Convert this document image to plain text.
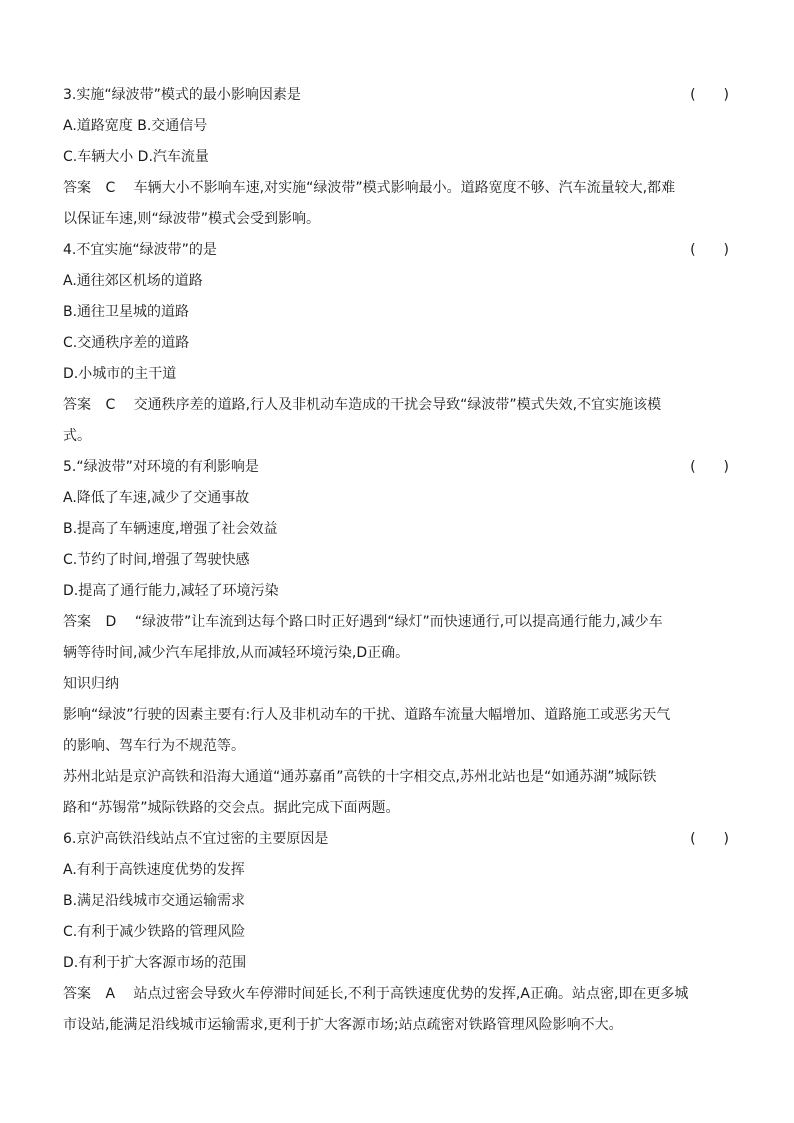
3.实施“绿波带”模式的最小影响因素是	(　　)
A.道路宽度 B.交通信号
C.车辆大小 D.汽车流量
答案 C 车辆大小不影响车速,对实施“绿波带”模式影响最小。道路宽度不够、汽车流量较大,都难
以保证车速,则“绿波带”模式会受到影响。
4.不宜实施“绿波带”的是	(　　)
A.通往郊区机场的道路
B.通往卫星城的道路
C.交通秩序差的道路
D.小城市的主干道
答案 C 交通秩序差的道路,行人及非机动车造成的干扰会导致“绿波带”模式失效,不宜实施该模
式。
5.“绿波带”对环境的有利影响是	(　　)
A.降低了车速,减少了交通事故
B.提高了车辆速度,增强了社会效益
C.节约了时间,增强了驾驶快感
D.提高了通行能力,减轻了环境污染
答案 D “绿波带”让车流到达每个路口时正好遇到“绿灯”而快速通行,可以提高通行能力,减少车
辆等待时间,减少汽车尾排放,从而减轻环境污染,D正确。
知识归纳
影响“绿波”行驶的因素主要有:行人及非机动车的干扰、道路车流量大幅增加、道路施工或恶劣天气
的影响、驾车行为不规范等。
苏州北站是京沪高铁和沿海大通道“通苏嘉甬”高铁的十字相交点,苏州北站也是“如通苏湖”城际铁
路和“苏锡常”城际铁路的交会点。据此完成下面两题。
6.京沪高铁沿线站点不宜过密的主要原因是	(　　)
A.有利于高铁速度优势的发挥
B.满足沿线城市交通运输需求
C.有利于减少铁路的管理风险
D.有利于扩大客源市场的范围
答案 A 站点过密会导致火车停滞时间延长,不利于高铁速度优势的发挥,A正确。站点密,即在更多城
市设站,能满足沿线城市运输需求,更利于扩大客源市场;站点疏密对铁路管理风险影响不大。
